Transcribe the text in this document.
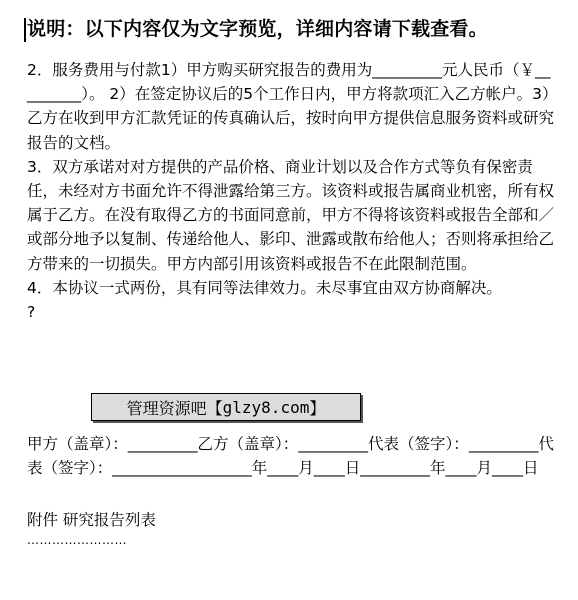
说明：以下内容仅为文字预览，详细内容请下载查看。

2．服务费用与付款1）甲方购买研究报告的费用为_________元人民币（￥_________）。 2）在签定协议后的5个工作日内，甲方将款项汇入乙方帐户。3）乙方在收到甲方汇款凭证的传真确认后，按时向甲方提供信息服务资料或研究报告的文档。

3．双方承诺对对方提供的产品价格、商业计划以及合作方式等负有保密责任，未经对方书面允许不得泄露给第三方。该资料或报告属商业机密，所有权属于乙方。在没有取得乙方的书面同意前，甲方不得将该资料或报告全部和／或部分地予以复制、传递给他人、影印、泄露或散布给他人；否则将承担给乙方带来的一切损失。甲方内部引用该资料或报告不在此限制范围。

4．本协议一式两份，具有同等法律效力。未尽事宜由双方协商解决。

?

甲方（盖章）：_________乙方（盖章）：_________代表（签字）：_________代表（签字）：__________________年____月____日_________年____月____日
附件 研究报告列表
……………………
管理资源吧【 glzy8.com 】
